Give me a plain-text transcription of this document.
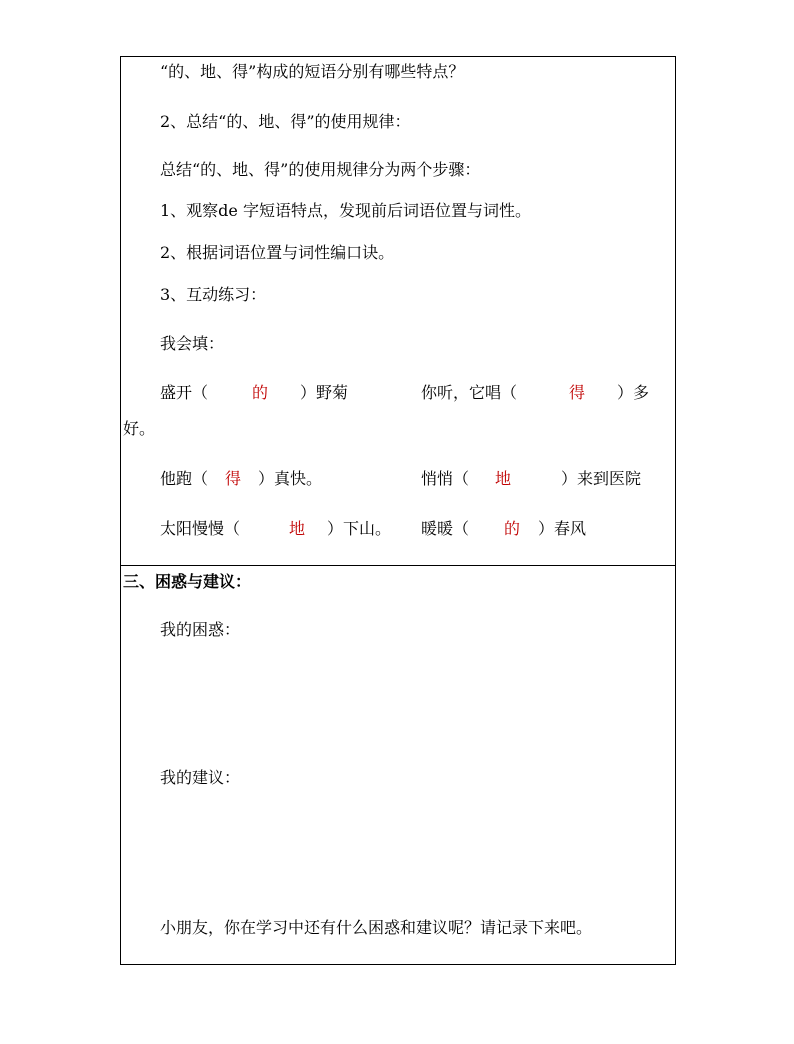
“的、地、得”构成的短语分别有哪些特点？
2、总结“的、地、得”的使用规律：
总结“的、地、得”的使用规律分为两个步骤：
1、观察de 字短语特点，发现前后词语位置与词性。
2、根据词语位置与词性编口诀。
3、互动练习：
我会填：
盛开（	的 ）野菊	你听，它唱（	得 ）多
好。
他跑（ 得 ）真快。	悄悄（ 地	）来到医院
太阳慢慢（	地 ）下山。 暖暖（ 的 ）春风
三、困惑与建议：
我的困惑：
我的建议：
小朋友，你在学习中还有什么困惑和建议呢？请记录下来吧。
